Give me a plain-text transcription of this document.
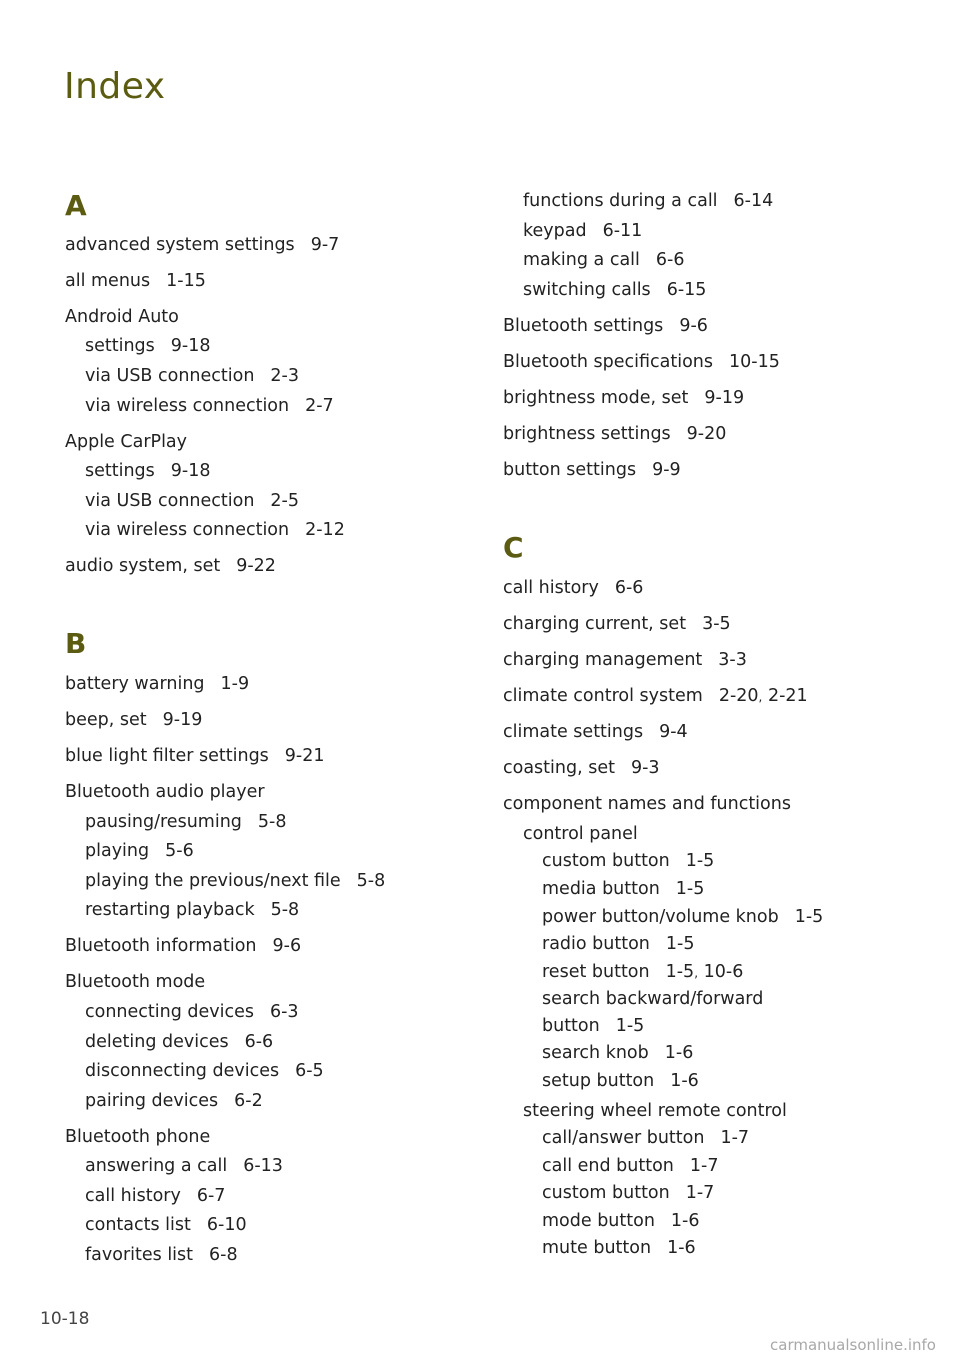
Index
A
advanced system settings 9-7
all menus 1-15
Android Auto
settings 9-18
via USB connection 2-3
via wireless connection 2-7
Apple CarPlay
settings 9-18
via USB connection 2-5
via wireless connection 2-12
audio system, set 9-22
B
battery warning 1-9
beep, set 9-19
blue light filter settings 9-21
Bluetooth audio player
pausing/resuming 5-8
playing 5-6
playing the previous/next file 5-8
restarting playback 5-8
Bluetooth information 9-6
Bluetooth mode
connecting devices 6-3
deleting devices 6-6
disconnecting devices 6-5
pairing devices 6-2
Bluetooth phone
answering a call 6-13
call history 6-7
contacts list 6-10
favorites list 6-8
functions during a call 6-14
keypad 6-11
making a call 6-6
switching calls 6-15
Bluetooth settings 9-6
Bluetooth specifications 10-15
brightness mode, set 9-19
brightness settings 9-20
button settings 9-9
C
call history 6-6
charging current, set 3-5
charging management 3-3
climate control system 2-20, 2-21
climate settings 9-4
coasting, set 9-3
component names and functions
control panel
custom button 1-5
media button 1-5
power button/volume knob 1-5
radio button 1-5
reset button 1-5, 10-6
search backward/forward
button 1-5
search knob 1-6
setup button 1-6
steering wheel remote control
call/answer button 1-7
call end button 1-7
custom button 1-7
mode button 1-6
mute button 1-6
10-18
carmanualsonline.info
